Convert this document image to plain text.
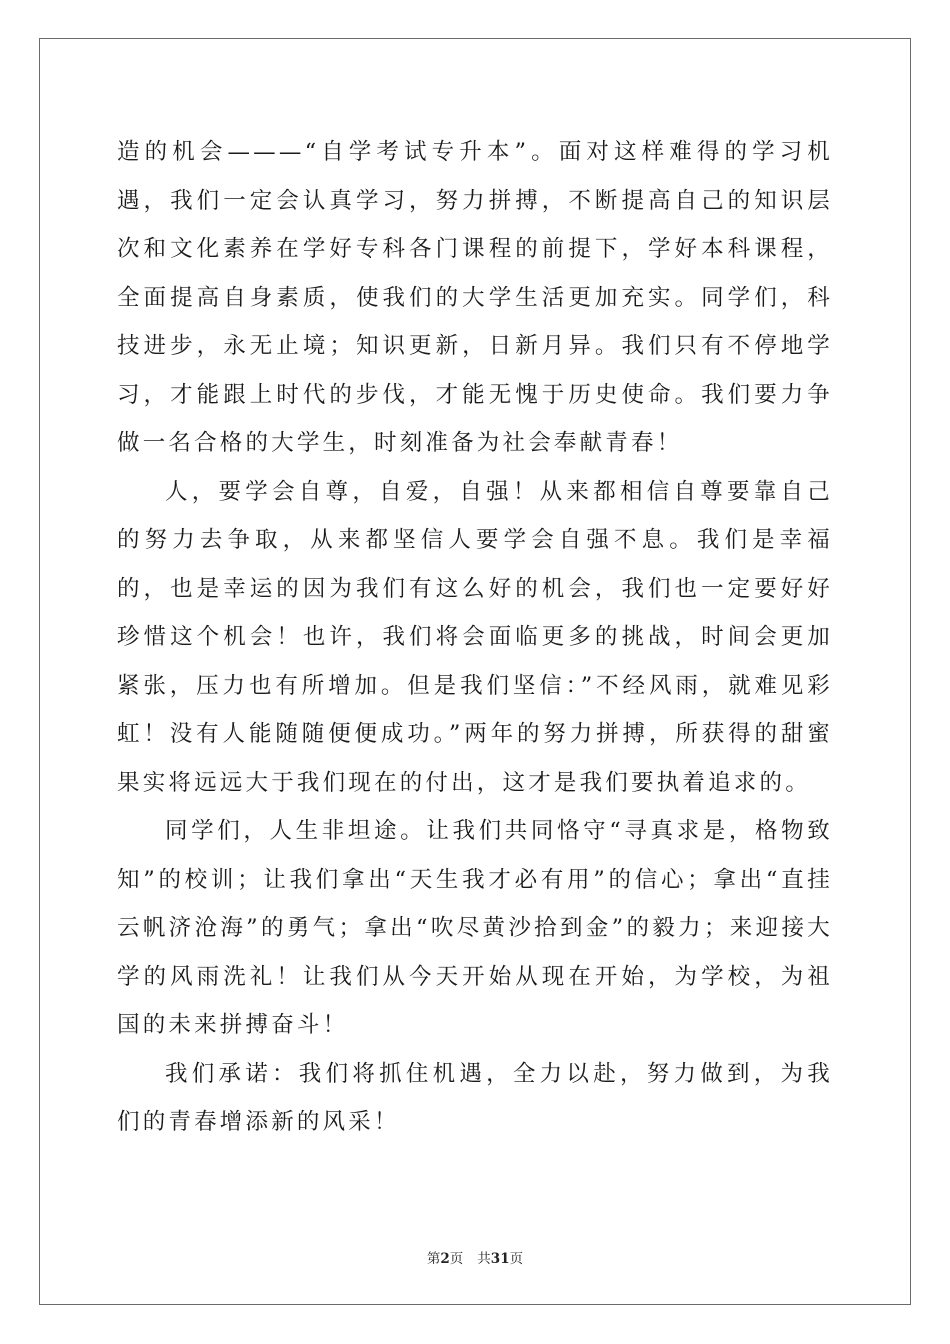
造的机会———“自学考试专升本”。面对这样难得的学习机遇，我们一定会认真学习，努力拼搏，不断提高自己的知识层次和文化素养在学好专科各门课程的前提下，学好本科课程，全面提高自身素质，使我们的大学生活更加充实。同学们，科技进步，永无止境；知识更新，日新月异。我们只有不停地学习，才能跟上时代的步伐，才能无愧于历史使命。我们要力争做一名合格的大学生，时刻准备为社会奉献青春！

人，要学会自尊，自爱，自强！从来都相信自尊要靠自己的努力去争取，从来都坚信人要学会自强不息。我们是幸福的，也是幸运的因为我们有这么好的机会，我们也一定要好好珍惜这个机会！也许，我们将会面临更多的挑战，时间会更加紧张，压力也有所增加。但是我们坚信：”不经风雨，就难见彩虹！没有人能随随便便成功。”两年的努力拼搏，所获得的甜蜜果实将远远大于我们现在的付出，这才是我们要执着追求的。

同学们，人生非坦途。让我们共同恪守“寻真求是，格物致知”的校训；让我们拿出“天生我才必有用”的信心；拿出“直挂云帆济沧海”的勇气；拿出“吹尽黄沙拾到金”的毅力；来迎接大学的风雨洗礼！让我们从今天开始从现在开始，为学校，为祖国的未来拼搏奋斗！

我们承诺：我们将抓住机遇，全力以赴，努力做到，为我们的青春增添新的风采！

第2页 共31页
